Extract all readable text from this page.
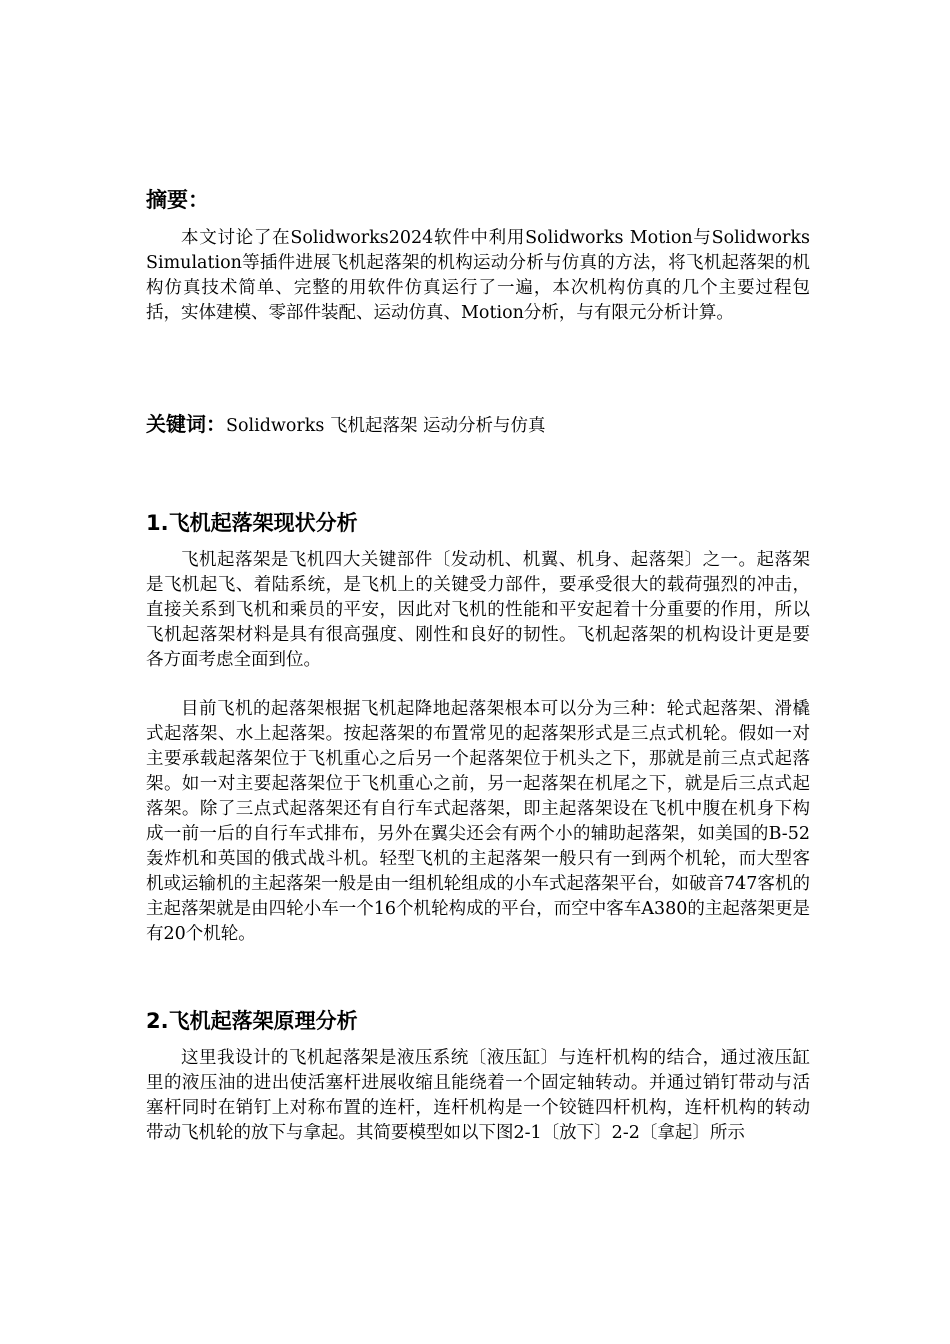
摘要：

本文讨论了在Solidworks2024软件中利用Solidworks Motion与Solidworks Simulation等插件进展飞机起落架的机构运动分析与仿真的方法，将飞机起落架的机构仿真技术简单、完整的用软件仿真运行了一遍，本次机构仿真的几个主要过程包括，实体建模、零部件装配、运动仿真、Motion分析，与有限元分析计算。

关键词：Solidworks 飞机起落架 运动分析与仿真
1.飞机起落架现状分析

飞机起落架是飞机四大关键部件〔发动机、机翼、机身、起落架〕之一。起落架是飞机起飞、着陆系统，是飞机上的关键受力部件，要承受很大的载荷强烈的冲击，直接关系到飞机和乘员的平安，因此对飞机的性能和平安起着十分重要的作用，所以飞机起落架材料是具有很高强度、刚性和良好的韧性。飞机起落架的机构设计更是要各方面考虑全面到位。

目前飞机的起落架根据飞机起降地起落架根本可以分为三种：轮式起落架、滑橇式起落架、水上起落架。按起落架的布置常见的起落架形式是三点式机轮。假如一对主要承载起落架位于飞机重心之后另一个起落架位于机头之下，那就是前三点式起落架。如一对主要起落架位于飞机重心之前，另一起落架在机尾之下，就是后三点式起落架。除了三点式起落架还有自行车式起落架，即主起落架设在飞机中腹在机身下构成一前一后的自行车式排布，另外在翼尖还会有两个小的辅助起落架，如美国的B-52轰炸机和英国的俄式战斗机。轻型飞机的主起落架一般只有一到两个机轮，而大型客机或运输机的主起落架一般是由一组机轮组成的小车式起落架平台，如破音747客机的主起落架就是由四轮小车一个16个机轮构成的平台，而空中客车A380的主起落架更是有20个机轮。

2.飞机起落架原理分析

这里我设计的飞机起落架是液压系统〔液压缸〕与连杆机构的结合，通过液压缸里的液压油的进出使活塞杆进展收缩且能绕着一个固定轴转动。并通过销钉带动与活塞杆同时在销钉上对称布置的连杆，连杆机构是一个铰链四杆机构，连杆机构的转动带动飞机轮的放下与拿起。其简要模型如以下图2-1〔放下〕2-2〔拿起〕所示
